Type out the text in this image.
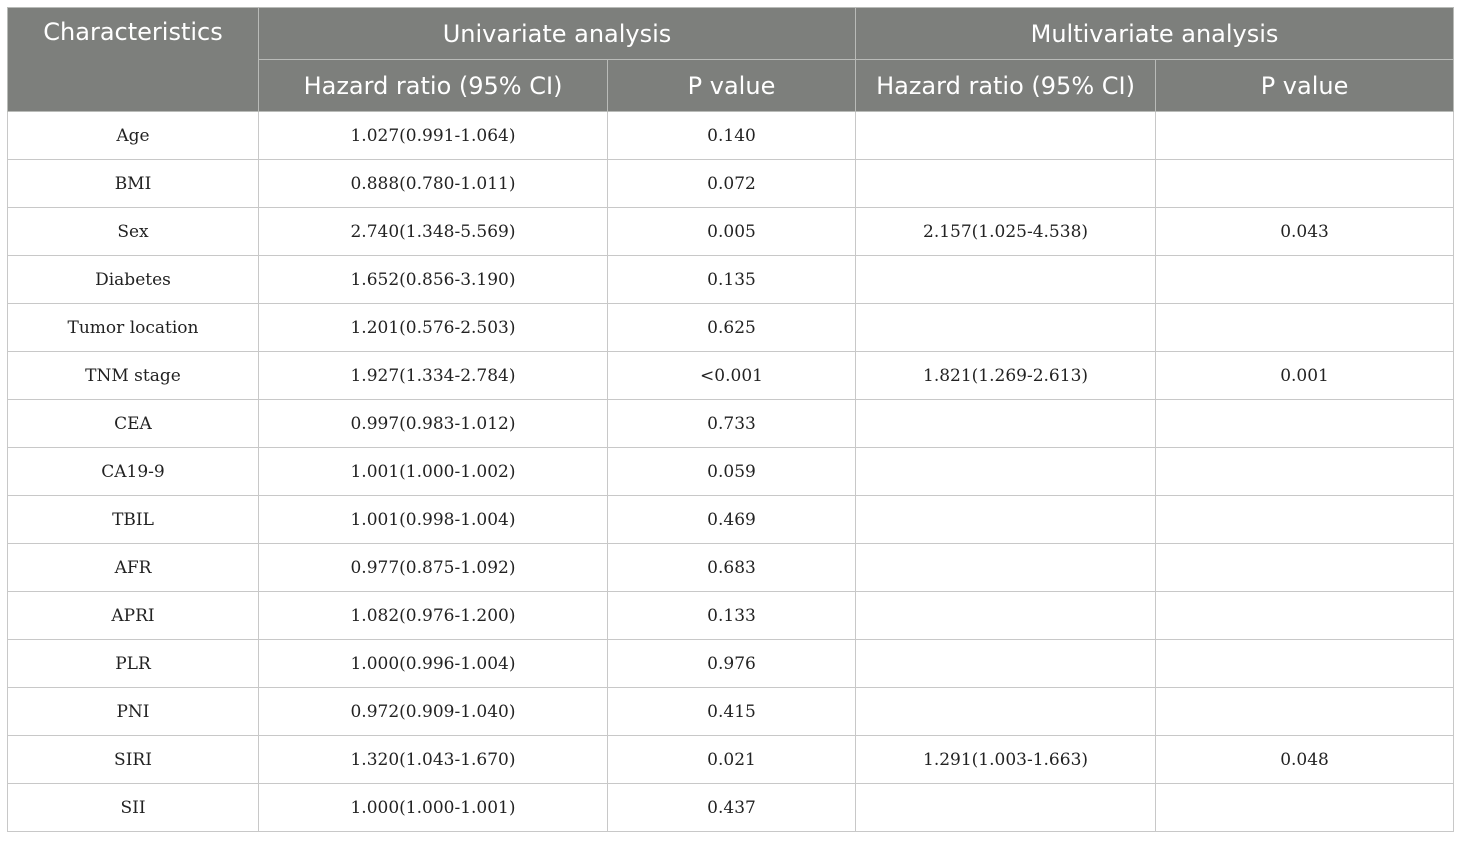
Characteristics	Univariate analysis		Multivariate analysis	
	Hazard ratio (95% CI)	P value	Hazard ratio (95% CI)	P value
Age	1.027(0.991-1.064)	0.140		
BMI	0.888(0.780-1.011)	0.072		
Sex	2.740(1.348-5.569)	0.005	2.157(1.025-4.538)	0.043
Diabetes	1.652(0.856-3.190)	0.135		
Tumor location	1.201(0.576-2.503)	0.625		
TNM stage	1.927(1.334-2.784)	<0.001	1.821(1.269-2.613)	0.001
CEA	0.997(0.983-1.012)	0.733		
CA19-9	1.001(1.000-1.002)	0.059		
TBIL	1.001(0.998-1.004)	0.469		
AFR	0.977(0.875-1.092)	0.683		
APRI	1.082(0.976-1.200)	0.133		
PLR	1.000(0.996-1.004)	0.976		
PNI	0.972(0.909-1.040)	0.415		
SIRI	1.320(1.043-1.670)	0.021	1.291(1.003-1.663)	0.048
SII	1.000(1.000-1.001)	0.437		
